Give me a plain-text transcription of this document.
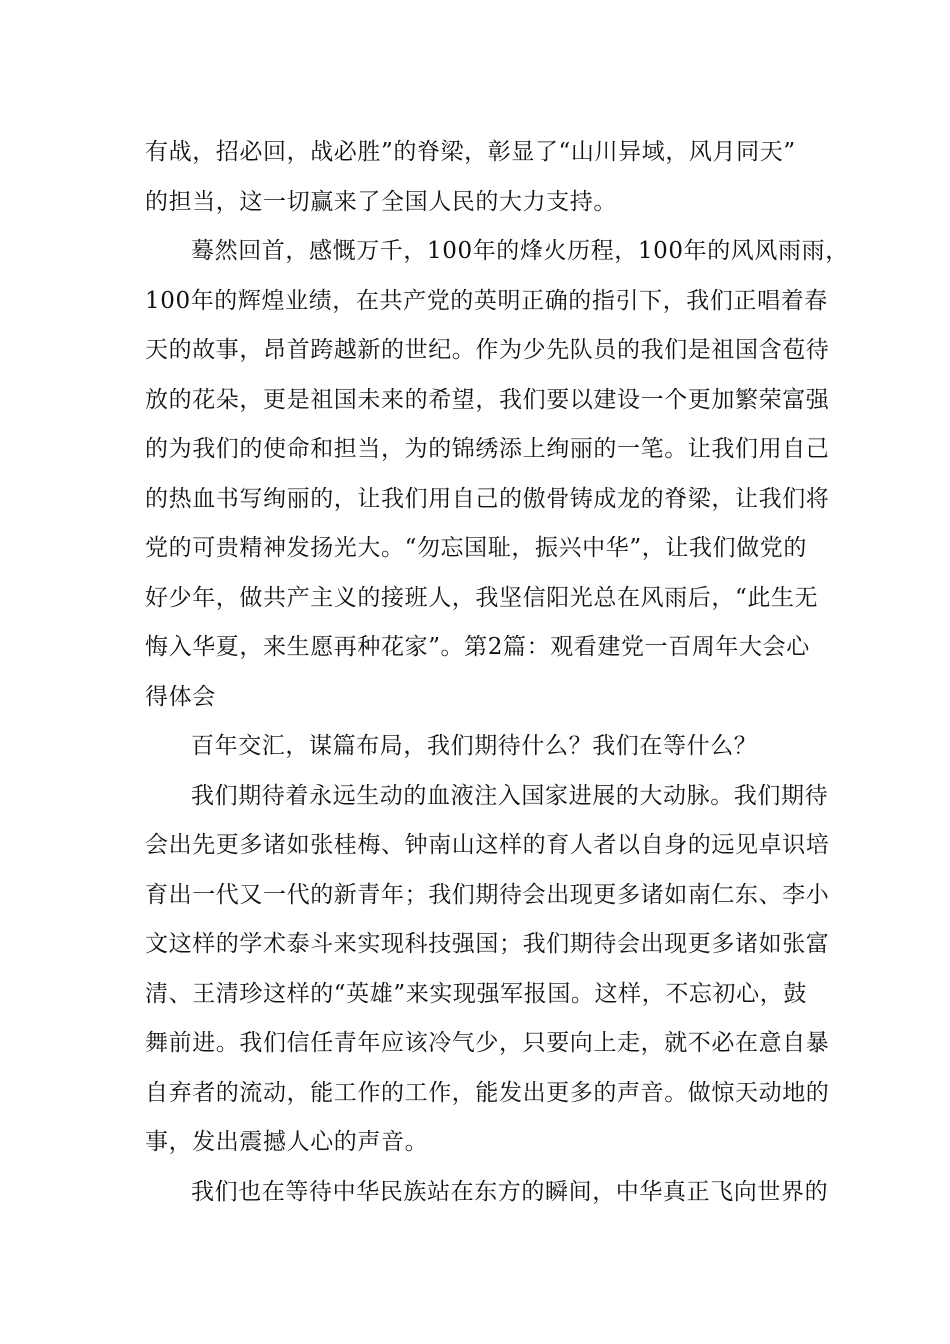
有战，招必回，战必胜”的脊梁，彰显了“山川异域，风月同天”
的担当，这一切赢来了全国人民的大力支持。
蓦然回首，感慨万千，100年的烽火历程，100年的风风雨雨，
100年的辉煌业绩，在共产党的英明正确的指引下，我们正唱着春
天的故事，昂首跨越新的世纪。作为少先队员的我们是祖国含苞待
放的花朵，更是祖国未来的希望，我们要以建设一个更加繁荣富强
的为我们的使命和担当，为的锦绣添上绚丽的一笔。让我们用自己
的热血书写绚丽的，让我们用自己的傲骨铸成龙的脊梁，让我们将
党的可贵精神发扬光大。“勿忘国耻，振兴中华”，让我们做党的
好少年，做共产主义的接班人，我坚信阳光总在风雨后，“此生无
悔入华夏，来生愿再种花家”。第2篇：观看建党一百周年大会心
得体会
百年交汇，谋篇布局，我们期待什么？我们在等什么？
我们期待着永远生动的血液注入国家进展的大动脉。我们期待
会出先更多诸如张桂梅、钟南山这样的育人者以自身的远见卓识培
育出一代又一代的新青年；我们期待会出现更多诸如南仁东、李小
文这样的学术泰斗来实现科技强国；我们期待会出现更多诸如张富
清、王清珍这样的“英雄”来实现强军报国。这样，不忘初心，鼓
舞前进。我们信任青年应该冷气少，只要向上走，就不必在意自暴
自弃者的流动，能工作的工作，能发出更多的声音。做惊天动地的
事，发出震撼人心的声音。
我们也在等待中华民族站在东方的瞬间，中华真正飞向世界的
